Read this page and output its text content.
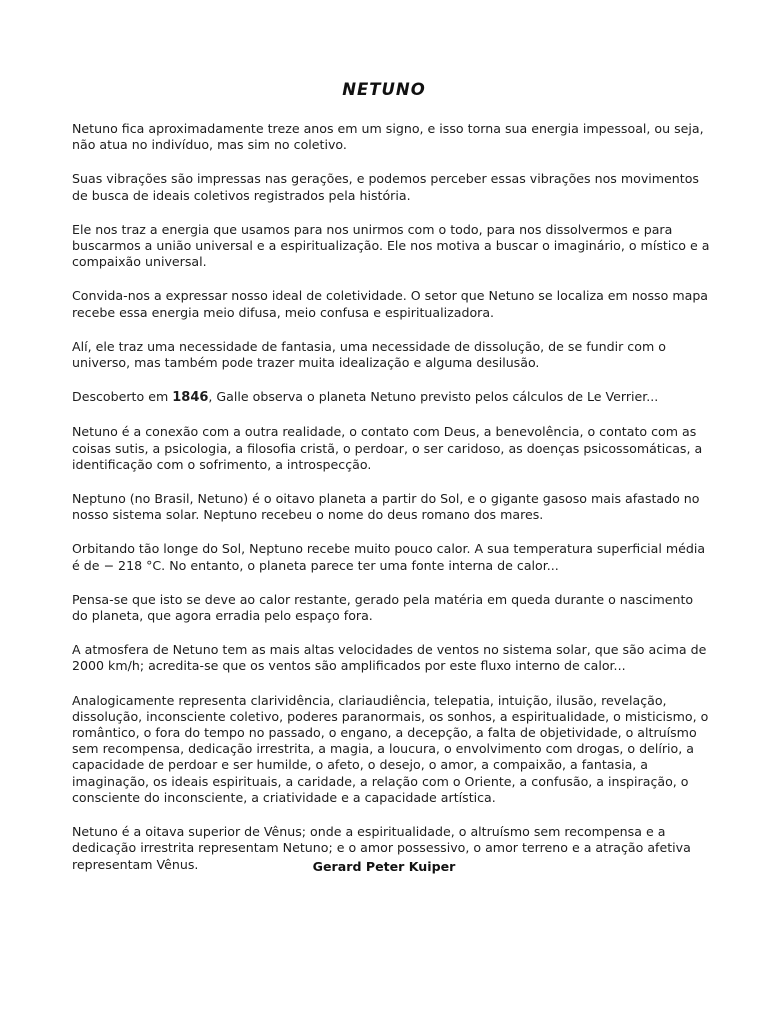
NETUNO

Netuno fica aproximadamente treze anos em um signo, e isso torna sua energia impessoal, ou seja, não atua no indivíduo, mas sim no coletivo.

Suas vibrações são impressas nas gerações, e podemos perceber essas vibrações nos movimentos de busca de ideais coletivos registrados pela história.

Ele nos traz a energia que usamos para nos unirmos com o todo, para nos dissolvermos e para buscarmos a união universal e a espiritualização. Ele nos motiva a buscar o imaginário, o místico e a compaixão universal.

Convida-nos a expressar nosso ideal de coletividade. O setor que Netuno se localiza em nosso mapa recebe essa energia meio difusa, meio confusa e espiritualizadora.

Alí, ele traz uma necessidade de fantasia, uma necessidade de dissolução, de se fundir com o universo, mas também pode trazer muita idealização e alguma desilusão.

Descoberto em 1846, Galle observa o planeta Netuno previsto pelos cálculos de Le Verrier...

Netuno é a conexão com a outra realidade, o contato com Deus, a benevolência, o contato com as coisas sutis, a psicologia, a filosofia cristã, o perdoar, o ser caridoso, as doenças psicossomáticas, a identificação com o sofrimento, a introspecção.

Neptuno (no Brasil, Netuno) é o oitavo planeta a partir do Sol, e o gigante gasoso mais afastado no nosso sistema solar. Neptuno recebeu o nome do deus romano dos mares.

Orbitando tão longe do Sol, Neptuno recebe muito pouco calor. A sua temperatura superficial média é de − 218 °C. No entanto, o planeta parece ter uma fonte interna de calor...

Pensa-se que isto se deve ao calor restante, gerado pela matéria em queda durante o nascimento do planeta, que agora erradia pelo espaço fora.

A atmosfera de Netuno tem as mais altas velocidades de ventos no sistema solar, que são acima de 2000 km/h; acredita-se que os ventos são amplificados por este fluxo interno de calor...

Analogicamente representa clarividência, clariaudiência, telepatia, intuição, ilusão, revelação, dissolução, inconsciente coletivo, poderes paranormais, os sonhos, a espiritualidade, o misticismo, o romântico, o fora do tempo no passado, o engano, a decepção, a falta de objetividade, o altruísmo sem recompensa, dedicação irrestrita, a magia, a loucura, o envolvimento com drogas, o delírio, a capacidade de perdoar e ser humilde, o afeto, o desejo, o amor, a compaixão, a fantasia, a imaginação, os ideais espirituais, a caridade, a relação com o Oriente, a confusão, a inspiração, o consciente do inconsciente, a criatividade e a capacidade artística.

Netuno é a oitava superior de Vênus; onde a espiritualidade, o altruísmo sem recompensa e a dedicação irrestrita representam Netuno; e o amor possessivo, o amor terreno e a atração afetiva representam Vênus.	Gerard Peter Kuiper
